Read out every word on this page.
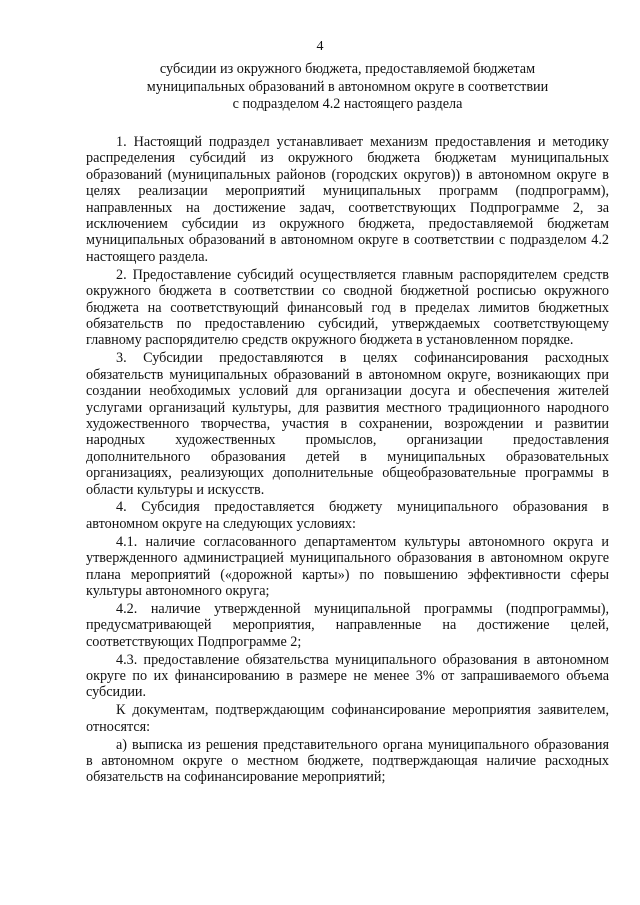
4
субсидии из окружного бюджета, предоставляемой бюджетам
муниципальных образований в автономном округе в соответствии
с подразделом 4.2 настоящего раздела

1. Настоящий подраздел устанавливает механизм предоставления и методику распределения субсидий из окружного бюджета бюджетам муниципальных образований (муниципальных районов (городских округов)) в автономном округе в целях реализации мероприятий муниципальных программ (подпрограмм), направленных на достижение задач, соответствующих Подпрограмме 2, за исключением субсидии из окружного бюджета, предоставляемой бюджетам муниципальных образований в автономном округе в соответствии с подразделом 4.2 настоящего раздела.

2. Предоставление субсидий осуществляется главным распорядителем средств окружного бюджета в соответствии со сводной бюджетной росписью окружного бюджета на соответствующий финансовый год в пределах лимитов бюджетных обязательств по предоставлению субсидий, утверждаемых соответствующему главному распорядителю средств окружного бюджета в установленном порядке.

3. Субсидии предоставляются в целях софинансирования расходных обязательств муниципальных образований в автономном округе, возникающих при создании необходимых условий для организации досуга и обеспечения жителей услугами организаций культуры, для развития местного традиционного народного художественного творчества, участия в сохранении, возрождении и развитии народных художественных промыслов, организации предоставления дополнительного образования детей в муниципальных образовательных организациях, реализующих дополнительные общеобразовательные программы в области культуры и искусств.

4. Субсидия предоставляется бюджету муниципального образования в автономном округе на следующих условиях:

4.1. наличие согласованного департаментом культуры автономного округа и утвержденного администрацией муниципального образования в автономном округе плана мероприятий («дорожной карты») по повышению эффективности сферы культуры автономного округа;

4.2. наличие утвержденной муниципальной программы (подпрограммы), предусматривающей мероприятия, направленные на достижение целей, соответствующих Подпрограмме 2;

4.3. предоставление обязательства муниципального образования в автономном округе по их финансированию в размере не менее 3% от запрашиваемого объема субсидии.

К документам, подтверждающим софинансирование мероприятия заявителем, относятся:

а) выписка из решения представительного органа муниципального образования в автономном округе о местном бюджете, подтверждающая наличие расходных обязательств на софинансирование мероприятий;
